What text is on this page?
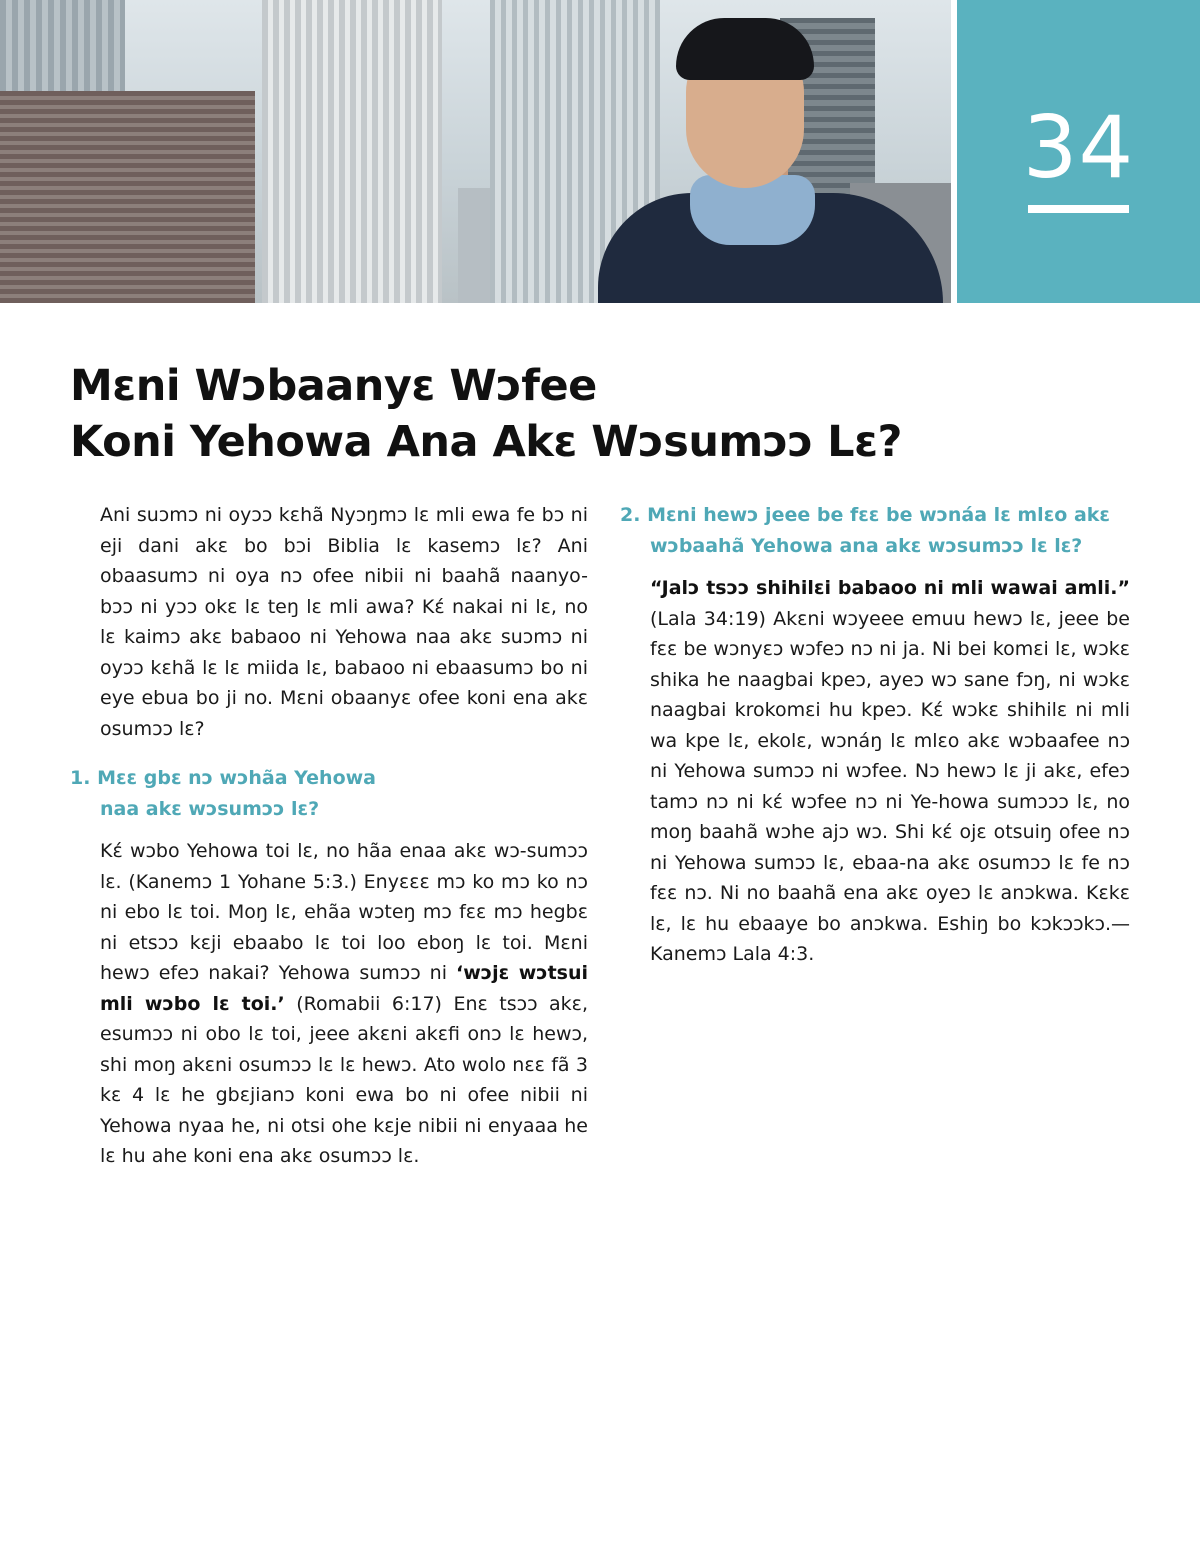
34
Mɛni Wɔbaanyɛ Wɔfee
Koni Yehowa Ana Akɛ Wɔsumɔɔ Lɛ?

Ani suɔmɔ ni oyɔɔ kɛhã Nyɔŋmɔ lɛ mli ewa fe bɔ ni eji dani akɛ bo bɔi Biblia lɛ kasemɔ lɛ? Ani obaasumɔ ni oya nɔ ofee nibii ni baahã naanyo-bɔɔ ni yɔɔ okɛ lɛ teŋ lɛ mli awa? Kɛ́ nakai ni lɛ, no lɛ kaimɔ akɛ babaoo ni Yehowa naa akɛ suɔmɔ ni oyɔɔ kɛhã lɛ lɛ miida lɛ, babaoo ni ebaasumɔ bo ni eye ebua bo ji no. Mɛni obaanyɛ ofee koni ena akɛ osumɔɔ lɛ?

1. Mɛɛ gbɛ nɔ wɔhãa Yehowa
naa akɛ wɔsumɔɔ lɛ?

Kɛ́ wɔbo Yehowa toi lɛ, no hãa enaa akɛ wɔ-sumɔɔ lɛ. (Kanemɔ 1 Yohane 5:3.) Enyɛɛɛ mɔ ko mɔ ko nɔ ni ebo lɛ toi. Moŋ lɛ, ehãa wɔteŋ mɔ fɛɛ mɔ hegbɛ ni etsɔɔ kɛji ebaabo lɛ toi loo eboŋ lɛ toi. Mɛni hewɔ efeɔ nakai? Yehowa sumɔɔ ni ‘wɔjɛ wɔtsui mli wɔbo lɛ toi.’ (Romabii 6:17) Enɛ tsɔɔ akɛ, esumɔɔ ni obo lɛ toi, jeee akɛni akɛfi onɔ lɛ hewɔ, shi moŋ akɛni osumɔɔ lɛ lɛ hewɔ. Ato wolo nɛɛ fã 3 kɛ 4 lɛ he gbɛjianɔ koni ewa bo ni ofee nibii ni Yehowa nyaa he, ni otsi ohe kɛje nibii ni enyaaa he lɛ hu ahe koni ena akɛ osumɔɔ lɛ.

2. Mɛni hewɔ jeee be fɛɛ be wɔnáa lɛ mlɛo akɛ
wɔbaahã Yehowa ana akɛ wɔsumɔɔ lɛ lɛ?

“Jalɔ tsɔɔ shihilɛi babaoo ni mli wawai amli.” (Lala 34:19) Akɛni wɔyeee emuu hewɔ lɛ, jeee be fɛɛ be wɔnyɛɔ wɔfeɔ nɔ ni ja. Ni bei komɛi lɛ, wɔkɛ shika he naagbai kpeɔ, ayeɔ wɔ sane fɔŋ, ni wɔkɛ naagbai krokomɛi hu kpeɔ. Kɛ́ wɔkɛ shihilɛ ni mli wa kpe lɛ, ekolɛ, wɔnáŋ lɛ mlɛo akɛ wɔbaafee nɔ ni Yehowa sumɔɔ ni wɔfee. Nɔ hewɔ lɛ ji akɛ, efeɔ tamɔ nɔ ni kɛ́ wɔfee nɔ ni Ye-howa sumɔɔɔ lɛ, no moŋ baahã wɔhe ajɔ wɔ. Shi kɛ́ ojɛ otsuiŋ ofee nɔ ni Yehowa sumɔɔ lɛ, ebaa-na akɛ osumɔɔ lɛ fe nɔ fɛɛ nɔ. Ni no baahã ena akɛ oyeɔ lɛ anɔkwa. Kɛkɛ lɛ, lɛ hu ebaaye bo anɔkwa. Eshiŋ bo kɔkɔɔkɔ.—Kanemɔ Lala 4:3.
